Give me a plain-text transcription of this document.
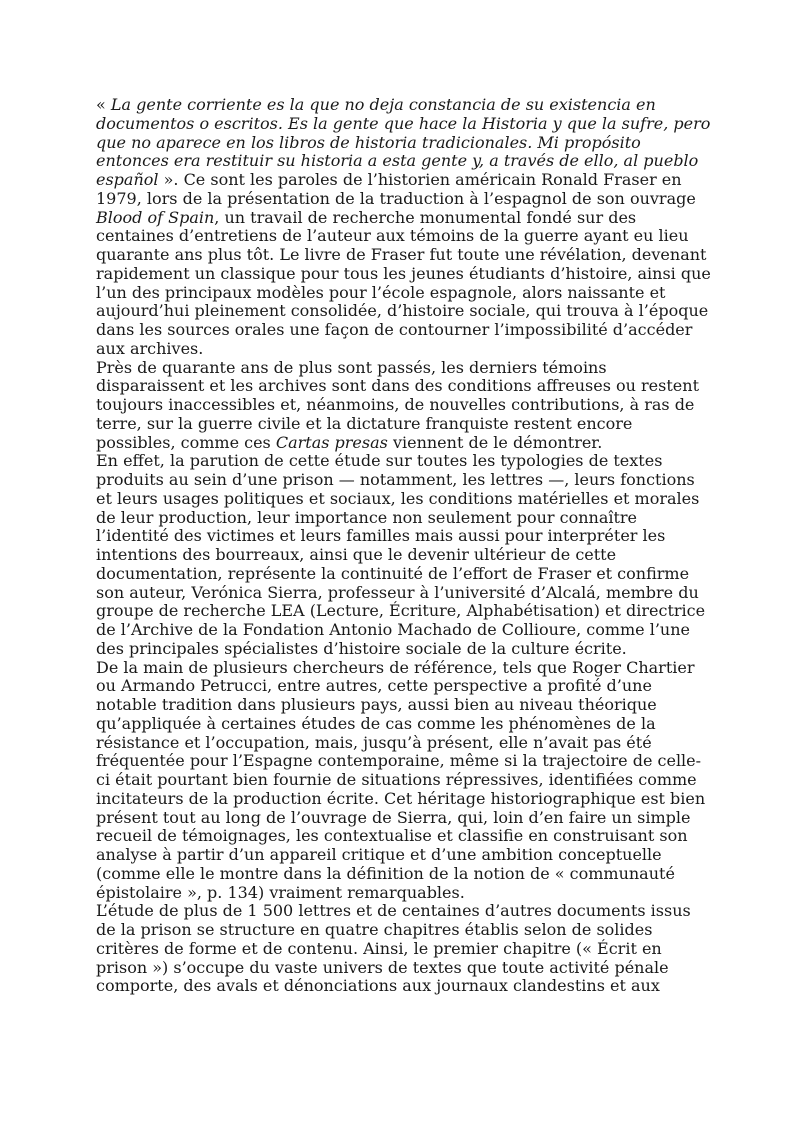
« La gente corriente es la que no deja constancia de su existencia en documentos o escritos. Es la gente que hace la Historia y que la sufre, pero que no aparece en los libros de historia tradicionales. Mi propósito entonces era restituir su historia a esta gente y, a través de ello, al pueblo español ». Ce sont les paroles de l’historien américain Ronald Fraser en 1979, lors de la présentation de la traduction à l’espagnol de son ouvrage Blood of Spain, un travail de recherche monumental fondé sur des centaines d’entretiens de l’auteur aux témoins de la guerre ayant eu lieu quarante ans plus tôt. Le livre de Fraser fut toute une révélation, devenant rapidement un classique pour tous les jeunes étudiants d’histoire, ainsi que l’un des principaux modèles pour l’école espagnole, alors naissante et aujourd’hui pleinement consolidée, d’histoire sociale, qui trouva à l’époque dans les sources orales une façon de contourner l’impossibilité d’accéder aux archives.

Près de quarante ans de plus sont passés, les derniers témoins disparaissent et les archives sont dans des conditions affreuses ou restent toujours inaccessibles et, néanmoins, de nouvelles contributions, à ras de terre, sur la guerre civile et la dictature franquiste restent encore possibles, comme ces Cartas presas viennent de le démontrer.

En effet, la parution de cette étude sur toutes les typologies de textes produits au sein d’une prison — notamment, les lettres —, leurs fonctions et leurs usages politiques et sociaux, les conditions matérielles et morales de leur production, leur importance non seulement pour connaître l’identité des victimes et leurs familles mais aussi pour interpréter les intentions des bourreaux, ainsi que le devenir ultérieur de cette documentation, représente la continuité de l’effort de Fraser et confirme son auteur, Verónica Sierra, professeur à l’université d’Alcalá, membre du groupe de recherche LEA (Lecture, Écriture, Alphabétisation) et directrice de l’Archive de la Fondation Antonio Machado de Collioure, comme l’une des principales spécialistes d’histoire sociale de la culture écrite.

De la main de plusieurs chercheurs de référence, tels que Roger Chartier ou Armando Petrucci, entre autres, cette perspective a profité d’une notable tradition dans plusieurs pays, aussi bien au niveau théorique qu’appliquée à certaines études de cas comme les phénomènes de la résistance et l’occupation, mais, jusqu’à présent, elle n’avait pas été fréquentée pour l’Espagne contemporaine, même si la trajectoire de celle-ci était pourtant bien fournie de situations répressives, identifiées comme incitateurs de la production écrite. Cet héritage historiographique est bien présent tout au long de l’ouvrage de Sierra, qui, loin d’en faire un simple recueil de témoignages, les contextualise et classifie en construisant son analyse à partir d’un appareil critique et d’une ambition conceptuelle (comme elle le montre dans la définition de la notion de « communauté épistolaire », p. 134) vraiment remarquables.

L’étude de plus de 1 500 lettres et de centaines d’autres documents issus de la prison se structure en quatre chapitres établis selon de solides critères de forme et de contenu. Ainsi, le premier chapitre (« Écrit en prison ») s’occupe du vaste univers de textes que toute activité pénale comporte, des avals et dénonciations aux journaux clandestins et aux
